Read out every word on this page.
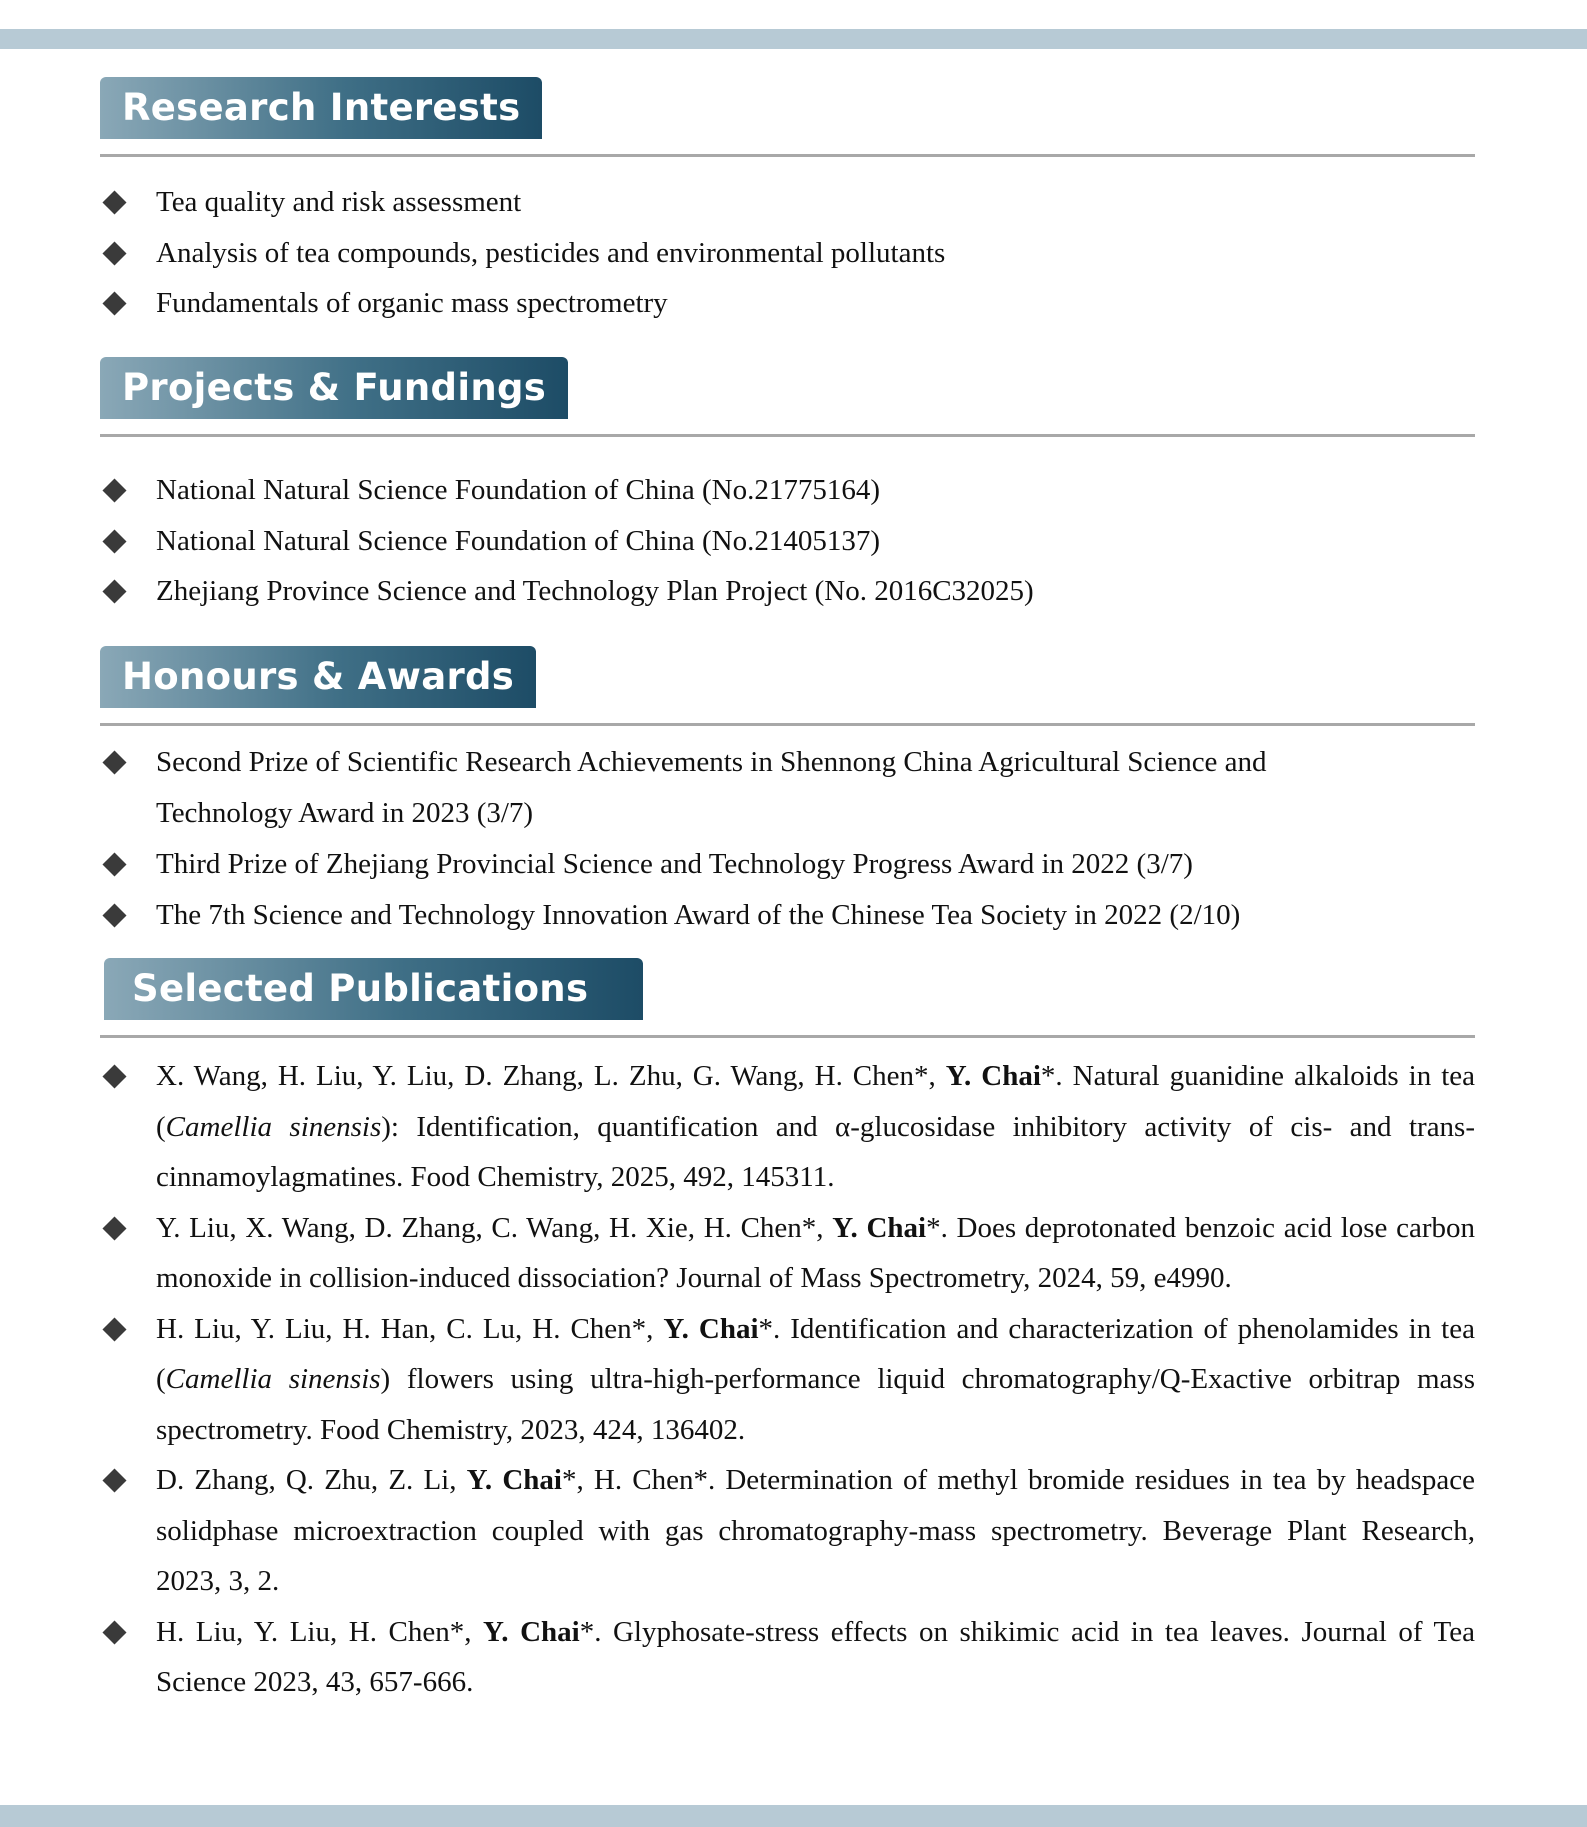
Research Interests
Tea quality and risk assessment
Analysis of tea compounds, pesticides and environmental pollutants
Fundamentals of organic mass spectrometry
Projects & Fundings
National Natural Science Foundation of China (No.21775164)
National Natural Science Foundation of China (No.21405137)
Zhejiang Province Science and Technology Plan Project (No. 2016C32025)
Honours & Awards
Second Prize of Scientific Research Achievements in Shennong China Agricultural Science and Technology Award in 2023 (3/7)
Third Prize of Zhejiang Provincial Science and Technology Progress Award in 2022 (3/7)
The 7th Science and Technology Innovation Award of the Chinese Tea Society in 2022 (2/10)
Selected Publications
X. Wang, H. Liu, Y. Liu, D. Zhang, L. Zhu, G. Wang, H. Chen*, Y. Chai*. Natural guanidine alkaloids in tea (Camellia sinensis): Identification, quantification and α-glucosidase inhibitory activity of cis- and trans-cinnamoylagmatines. Food Chemistry, 2025, 492, 145311.
Y. Liu, X. Wang, D. Zhang, C. Wang, H. Xie, H. Chen*, Y. Chai*. Does deprotonated benzoic acid lose carbon monoxide in collision-induced dissociation? Journal of Mass Spectrometry, 2024, 59, e4990.
H. Liu, Y. Liu, H. Han, C. Lu, H. Chen*, Y. Chai*. Identification and characterization of phenolamides in tea (Camellia sinensis) flowers using ultra-high-performance liquid chromatography/Q-Exactive orbitrap mass spectrometry. Food Chemistry, 2023, 424, 136402.
D. Zhang, Q. Zhu, Z. Li, Y. Chai*, H. Chen*. Determination of methyl bromide residues in tea by headspace solidphase microextraction coupled with gas chromatography-mass spectrometry. Beverage Plant Research, 2023, 3, 2.
H. Liu, Y. Liu, H. Chen*, Y. Chai*. Glyphosate-stress effects on shikimic acid in tea leaves. Journal of Tea Science 2023, 43, 657-666.
